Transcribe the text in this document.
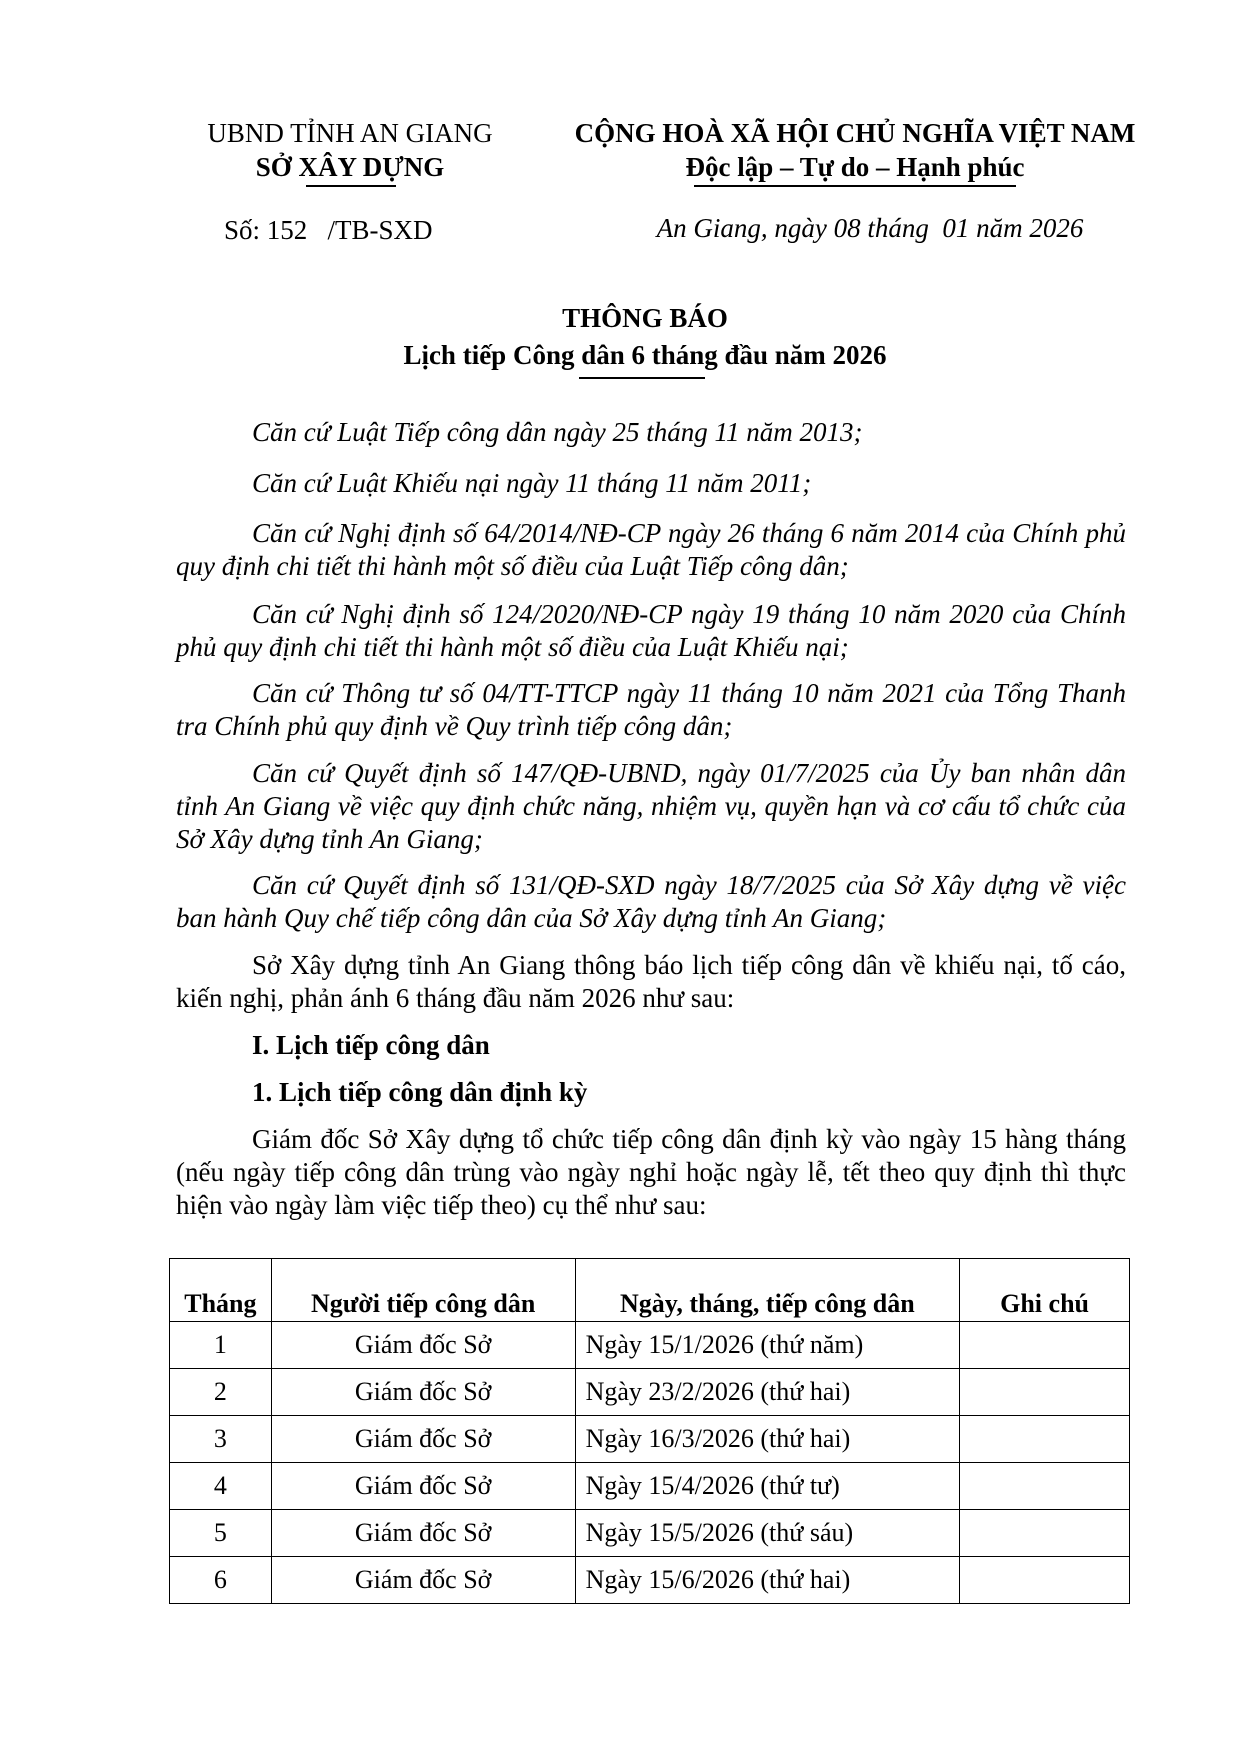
UBND TỈNH AN GIANG
SỞ XÂY DỰNG
CỘNG HOÀ XÃ HỘI CHỦ NGHĨA VIỆT NAM
Độc lập – Tự do – Hạnh phúc
Số: 152   /TB-SXD	An Giang, ngày 08 tháng  01 năm 2026
THÔNG BÁO
Lịch tiếp Công dân 6 tháng đầu năm 2026
Căn cứ Luật Tiếp công dân ngày 25 tháng 11 năm 2013;
Căn cứ Luật Khiếu nại ngày 11 tháng 11 năm 2011;
Căn cứ Nghị định số 64/2014/NĐ-CP ngày 26 tháng 6 năm 2014 của Chính phủ quy định chi tiết thi hành một số điều của Luật Tiếp công dân;
Căn cứ Nghị định số 124/2020/NĐ-CP ngày 19 tháng 10 năm 2020 của Chính phủ quy định chi tiết thi hành một số điều của Luật Khiếu nại;
Căn cứ Thông tư số 04/TT-TTCP ngày 11 tháng 10 năm 2021 của Tổng Thanh tra Chính phủ quy định về Quy trình tiếp công dân;
Căn cứ Quyết định số 147/QĐ-UBND, ngày 01/7/2025 của Ủy ban nhân dân tỉnh An Giang về việc quy định chức năng, nhiệm vụ, quyền hạn và cơ cấu tổ chức của Sở Xây dựng tỉnh An Giang;
Căn cứ Quyết định số 131/QĐ-SXD ngày 18/7/2025 của Sở Xây dựng về việc ban hành Quy chế tiếp công dân của Sở Xây dựng tỉnh An Giang;
Sở Xây dựng tỉnh An Giang thông báo lịch tiếp công dân về khiếu nại, tố cáo, kiến nghị, phản ánh 6 tháng đầu năm 2026 như sau:
I. Lịch tiếp công dân
1. Lịch tiếp công dân định kỳ
Giám đốc Sở Xây dựng tổ chức tiếp công dân định kỳ vào ngày 15 hàng tháng (nếu ngày tiếp công dân trùng vào ngày nghỉ hoặc ngày lễ, tết theo quy định thì thực hiện vào ngày làm việc tiếp theo) cụ thể như sau:
Tháng	Người tiếp công dân	Ngày, tháng, tiếp công dân	Ghi chú
1	Giám đốc Sở	Ngày 15/1/2026 (thứ năm)	
2	Giám đốc Sở	Ngày 23/2/2026 (thứ hai)	
3	Giám đốc Sở	Ngày 16/3/2026 (thứ hai)	
4	Giám đốc Sở	Ngày 15/4/2026 (thứ tư)	
5	Giám đốc Sở	Ngày 15/5/2026 (thứ sáu)	
6	Giám đốc Sở	Ngày 15/6/2026 (thứ hai)	
